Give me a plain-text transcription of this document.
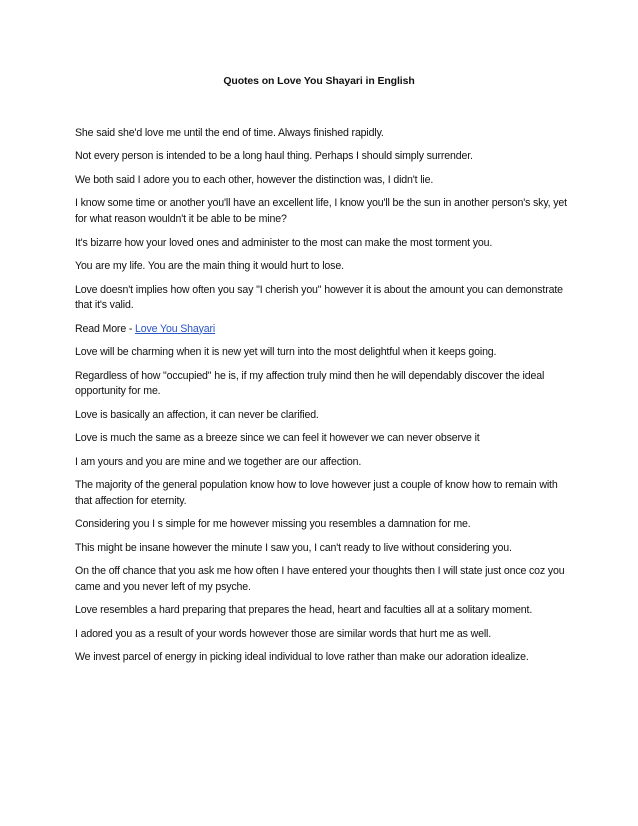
Quotes on Love You Shayari in English

She said she'd love me until the end of time. Always finished rapidly.

Not every person is intended to be a long haul thing. Perhaps I should simply surrender.

We both said I adore you to each other, however the distinction was, I didn't lie.

I know some time or another you'll have an excellent life, I know you'll be the sun in another person's sky, yet for what reason wouldn't it be able to be mine?

It's bizarre how your loved ones and administer to the most can make the most torment you.

You are my life. You are the main thing it would hurt to lose.

Love doesn't implies how often you say "I cherish you" however it is about the amount you can demonstrate that it's valid.

Read More - Love You Shayari

Love will be charming when it is new yet will turn into the most delightful when it keeps going.

Regardless of how "occupied" he is, if my affection truly mind then he will dependably discover the ideal opportunity for me.

Love is basically an affection, it can never be clarified.

Love is much the same as a breeze since we can feel it however we can never observe it

I am yours and you are mine and we together are our affection.

The majority of the general population know how to love however just a couple of know how to remain with that affection for eternity.

Considering you I s simple for me however missing you resembles a damnation for me.

This might be insane however the minute I saw you, I can't ready to live without considering you.

On the off chance that you ask me how often I have entered your thoughts then I will state just once coz you came and you never left of my psyche.

Love resembles a hard preparing that prepares the head, heart and faculties all at a solitary moment.

I adored you as a result of your words however those are similar words that hurt me as well.

We invest parcel of energy in picking ideal individual to love rather than make our adoration idealize.
